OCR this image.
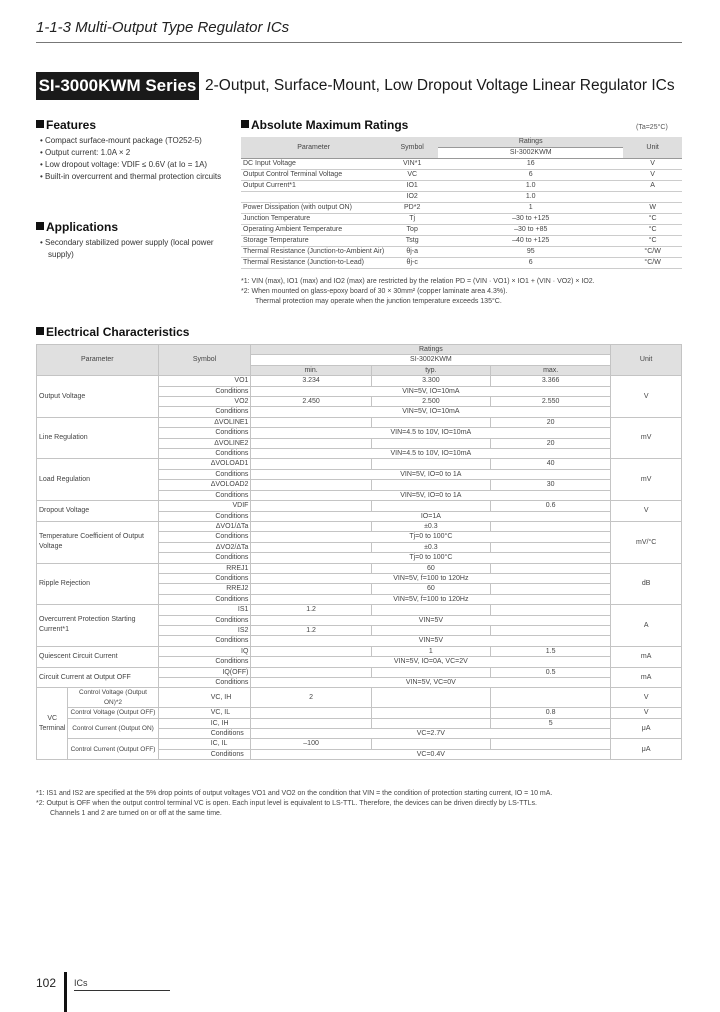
1-1-3 Multi-Output Type Regulator ICs
SI-3000KWM Series 2-Output, Surface-Mount, Low Dropout Voltage Linear Regulator ICs
Features
• Compact surface-mount package (TO252-5)
• Output current: 1.0A × 2
• Low dropout voltage: VDIF ≤ 0.6V (at Io = 1A)
• Built-in overcurrent and thermal protection circuits
Applications
• Secondary stabilized power supply (local power supply)
Absolute Maximum Ratings	(Ta=25°C)
Parameter	Symbol	Ratings	Unit
		SI-3002KWM	
DC Input Voltage	VIN*1	16	V
Output Control Terminal Voltage	VC	6	V
Output Current*1	IO1	1.0	A
	IO2	1.0	
Power Dissipation (with output ON)	PD*2	1	W
Junction Temperature	Tj	–30 to +125	°C
Operating Ambient Temperature	Top	–30 to +85	°C
Storage Temperature	Tstg	–40 to +125	°C
Thermal Resistance (Junction-to-Ambient Air)	θj-a	95	°C/W
Thermal Resistance (Junction-to-Lead)	θj-c	6	°C/W
*1: VIN (max), IO1 (max) and IO2 (max) are restricted by the relation PD = (VIN · VO1) × IO1 + (VIN · VO2) × IO2.
*2: When mounted on glass-epoxy board of 30 × 30mm² (copper laminate area 4.3%).
Thermal protection may operate when the junction temperature exceeds 135°C.
Electrical Characteristics
Parameter		Symbol		Ratings			Unit
				SI-3002KWM			
				min.	typ.	max.	
Output Voltage			VO1	3.234	3.300	3.366	V
			Conditions	VIN=5V, IO=10mA			
			VO2	2.450	2.500	2.550	
			Conditions	VIN=5V, IO=10mA			
Line Regulation			ΔVOLINE1			20	mV
			Conditions	VIN=4.5 to 10V, IO=10mA			
			ΔVOLINE2			20	
			Conditions	VIN=4.5 to 10V, IO=10mA			
Load Regulation			ΔVOLOAD1			40	mV
			Conditions	VIN=5V, IO=0 to 1A			
			ΔVOLOAD2			30	
			Conditions	VIN=5V, IO=0 to 1A			
Dropout Voltage			VDIF			0.6	V
			Conditions	IO=1A			
Temperature Coefficient of Output Voltage			ΔVO1/ΔTa		±0.3		mV/°C
			Conditions	Tj=0 to 100°C			
			ΔVO2/ΔTa		±0.3		
			Conditions	Tj=0 to 100°C			
Ripple Rejection			RREJ1		60		dB
			Conditions	VIN=5V, f=100 to 120Hz			
			RREJ2		60		
			Conditions	VIN=5V, f=100 to 120Hz			
Overcurrent Protection Starting Current*1			IS1	1.2			A
			Conditions	VIN=5V			
			IS2	1.2			
			Conditions	VIN=5V			
Quiescent Circuit Current			IQ		1	1.5	mA
			Conditions	VIN=5V, IO=0A, VC=2V			
Circuit Current at Output OFF			IQ(OFF)			0.5	mA
			Conditions	VIN=5V, VC=0V			

VC
Terminal	Control Voltage (Output ON)*2		VC, IH	2			V
	Control Voltage (Output OFF)		VC, IL			0.8	V
	Control Current (Output ON)		IC, IH			5	μA
			Conditions	VC=2.7V			
	Control Current (Output OFF)		IC, IL	–100			μA
			Conditions	VC=0.4V			
*1: IS1 and IS2 are specified at the 5% drop points of output voltages VO1 and VO2 on the condition that VIN = the condition of protection starting current, IO = 10 mA.
*2: Output is OFF when the output control terminal VC is open. Each input level is equivalent to LS-TTL. Therefore, the devices can be driven directly by LS-TTLs.
Channels 1 and 2 are turned on or off at the same time.
102 ICs
